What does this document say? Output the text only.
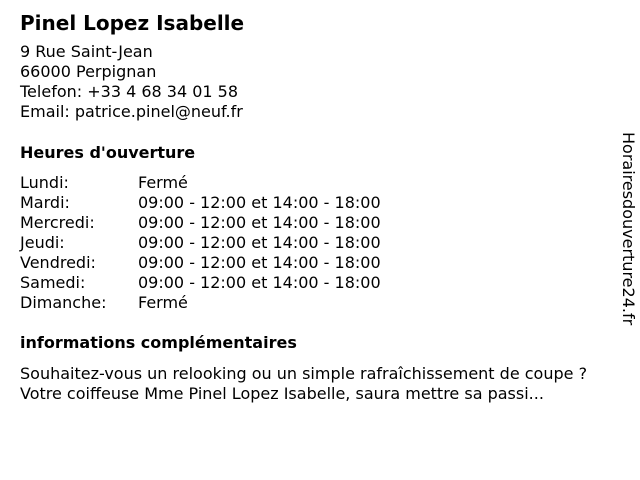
Pinel Lopez Isabelle
9 Rue Saint-Jean
66000 Perpignan
Telefon: +33 4 68 34 01 58
Email: patrice.pinel@neuf.fr
Heures d'ouverture
Lundi:	Fermé
Mardi:	09:00 - 12:00 et 14:00 - 18:00
Mercredi:	09:00 - 12:00 et 14:00 - 18:00
Jeudi:	09:00 - 12:00 et 14:00 - 18:00
Vendredi:	09:00 - 12:00 et 14:00 - 18:00
Samedi:	09:00 - 12:00 et 14:00 - 18:00
Dimanche:	Fermé
informations complémentaires
Souhaitez-vous un relooking ou un simple rafraîchissement de coupe ? Votre coiffeuse Mme Pinel Lopez Isabelle, saura mettre sa passi...
Horairesdouverture24.fr
